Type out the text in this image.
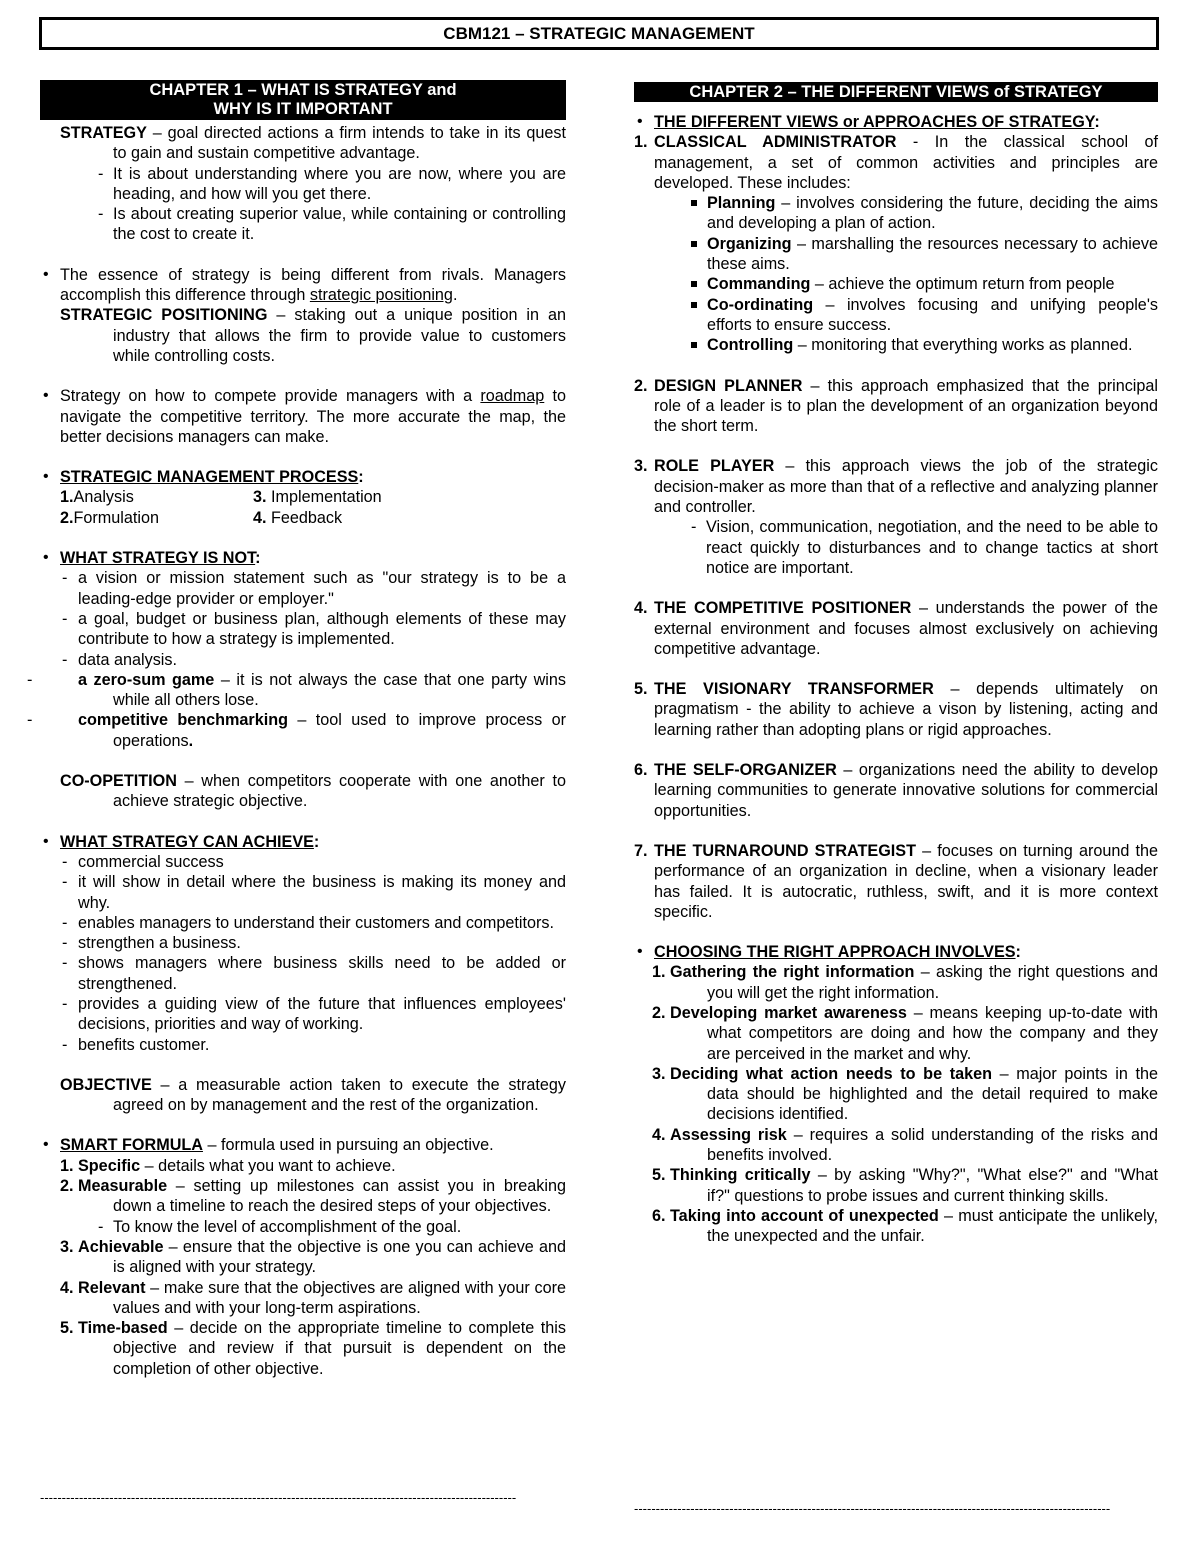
CBM121 – STRATEGIC MANAGEMENT
CHAPTER 1 – WHAT IS STRATEGY and
WHY IS IT IMPORTANT

• STRATEGY – goal directed actions a firm intends to take in its quest to gain and sustain competitive advantage.

- It is about understanding where you are now, where you are heading, and how will you get there.

- Is about creating superior value, while containing or controlling the cost to create it.

• The essence of strategy is being different from rivals. Managers accomplish this difference through strategic positioning.

• STRATEGIC POSITIONING – staking out a unique position in an industry that allows the firm to provide value to customers while controlling costs.

• Strategy on how to compete provide managers with a roadmap to navigate the competitive territory. The more accurate the map, the better decisions managers can make.

• STRATEGIC MANAGEMENT PROCESS:

1.Analysis	3. Implementation
2.Formulation	4. Feedback

• WHAT STRATEGY IS NOT:

- a vision or mission statement such as "our strategy is to be a leading-edge provider or employer."

- a goal, budget or business plan, although elements of these may contribute to how a strategy is implemented.

- data analysis.

- a zero-sum game – it is not always the case that one party wins while all others lose.

- competitive benchmarking – tool used to improve process or operations.

• CO-OPETITION – when competitors cooperate with one another to achieve strategic objective.

• WHAT STRATEGY CAN ACHIEVE:

- commercial success

- it will show in detail where the business is making its money and why.

- enables managers to understand their customers and competitors.

- strengthen a business.

- shows managers where business skills need to be added or strengthened.

- provides a guiding view of the future that influences employees' decisions, priorities and way of working.

- benefits customer.

• OBJECTIVE – a measurable action taken to execute the strategy agreed on by management and the rest of the organization.

• SMART FORMULA – formula used in pursuing an objective.

1. Specific – details what you want to achieve.

2. Measurable – setting up milestones can assist you in breaking down a timeline to reach the desired steps of your objectives.

- To know the level of accomplishment of the goal.

3. Achievable – ensure that the objective is one you can achieve and is aligned with your strategy.

4. Relevant – make sure that the objectives are aligned with your core values and with your long-term aspirations.

5. Time-based – decide on the appropriate timeline to complete this objective and review if that pursuit is dependent on the completion of other objective.

CHAPTER 2 – THE DIFFERENT VIEWS of STRATEGY

• THE DIFFERENT VIEWS or APPROACHES OF STRATEGY:

1. CLASSICAL ADMINISTRATOR - In the classical school of management, a set of common activities and principles are developed. These includes:

Planning – involves considering the future, deciding the aims and developing a plan of action.

Organizing – marshalling the resources necessary to achieve these aims.

Commanding – achieve the optimum return from people

Co-ordinating – involves focusing and unifying people's efforts to ensure success.

Controlling – monitoring that everything works as planned.

2. DESIGN PLANNER – this approach emphasized that the principal role of a leader is to plan the development of an organization beyond the short term.

3. ROLE PLAYER – this approach views the job of the strategic decision-maker as more than that of a reflective and analyzing planner and controller.

- Vision, communication, negotiation, and the need to be able to react quickly to disturbances and to change tactics at short notice are important.

4. THE COMPETITIVE POSITIONER – understands the power of the external environment and focuses almost exclusively on achieving competitive advantage.

5. THE VISIONARY TRANSFORMER – depends ultimately on pragmatism - the ability to achieve a vison by listening, acting and learning rather than adopting plans or rigid approaches.

6. THE SELF-ORGANIZER – organizations need the ability to develop learning communities to generate innovative solutions for commercial opportunities.

7. THE TURNAROUND STRATEGIST – focuses on turning around the performance of an organization in decline, when a visionary leader has failed. It is autocratic, ruthless, swift, and it is more context specific.

• CHOOSING THE RIGHT APPROACH INVOLVES:

1. Gathering the right information – asking the right questions and you will get the right information.

2. Developing market awareness – means keeping up-to-date with what competitors are doing and how the company and they are perceived in the market and why.

3. Deciding what action needs to be taken – major points in the data should be highlighted and the detail required to make decisions identified.

4. Assessing risk – requires a solid understanding of the risks and benefits involved.

5. Thinking critically – by asking "Why?", "What else?" and "What if?" questions to probe issues and current thinking skills.

6. Taking into account of unexpected – must anticipate the unlikely, the unexpected and the unfair.

--------------------------------------------------------------------------------------------------------------
--------------------------------------------------------------------------------------------------------------
